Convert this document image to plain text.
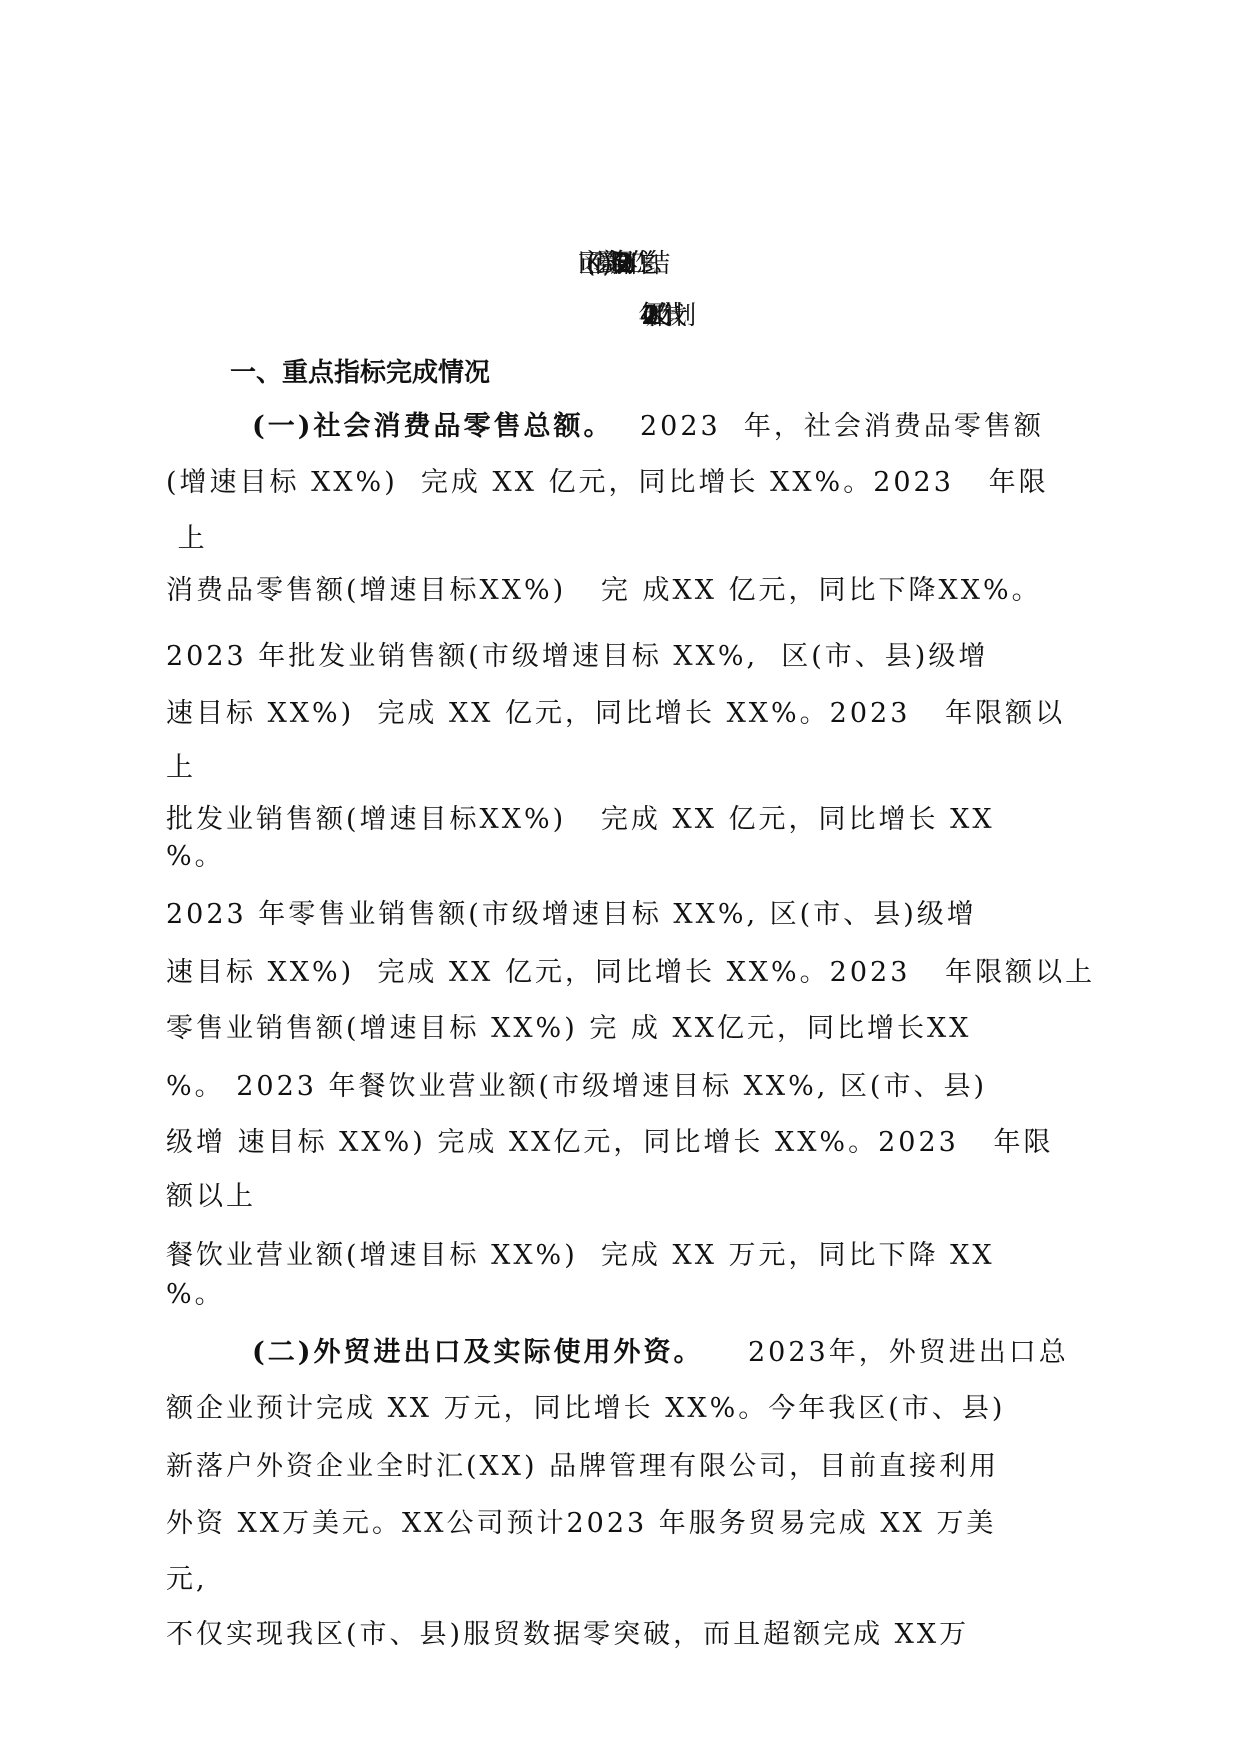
区(市、县)商务局2023年工作总结
及 2024年工作计划
一、重点指标完成情况
(一)社会消费品零售总额。 2023  年，社会消费品零售额
(增速目标 XX%)  完成 XX 亿元，同比增长 XX%。2023   年限
上
消费品零售额(增速目标XX%)   完 成XX 亿元，同比下降XX%。
2023 年批发业销售额(市级增速目标 XX%,  区(市、县)级增
速目标 XX%)  完成 XX 亿元，同比增长 XX%。2023   年限额以
上
批发业销售额(增速目标XX%)   完成 XX 亿元，同比增长 XX
%。
2023 年零售业销售额(市级增速目标 XX%, 区(市、县)级增
速目标 XX%)  完成 XX 亿元，同比增长 XX%。2023   年限额以上
零售业销售额(增速目标 XX%) 完 成 XX亿元，同比增长XX
%。 2023 年餐饮业营业额(市级增速目标 XX%, 区(市、县)
级增 速目标 XX%) 完成 XX亿元，同比增长 XX%。2023   年限
额以上
餐饮业营业额(增速目标 XX%)  完成 XX 万元，同比下降 XX
%。
(二)外贸进出口及实际使用外资。 2023年，外贸进出口总
额企业预计完成 XX 万元，同比增长 XX%。今年我区(市、县)
新落户外资企业全时汇(XX) 品牌管理有限公司，目前直接利用
外资 XX万美元。XX公司预计2023 年服务贸易完成 XX 万美
元,
不仅实现我区(市、县)服贸数据零突破，而且超额完成 XX万
